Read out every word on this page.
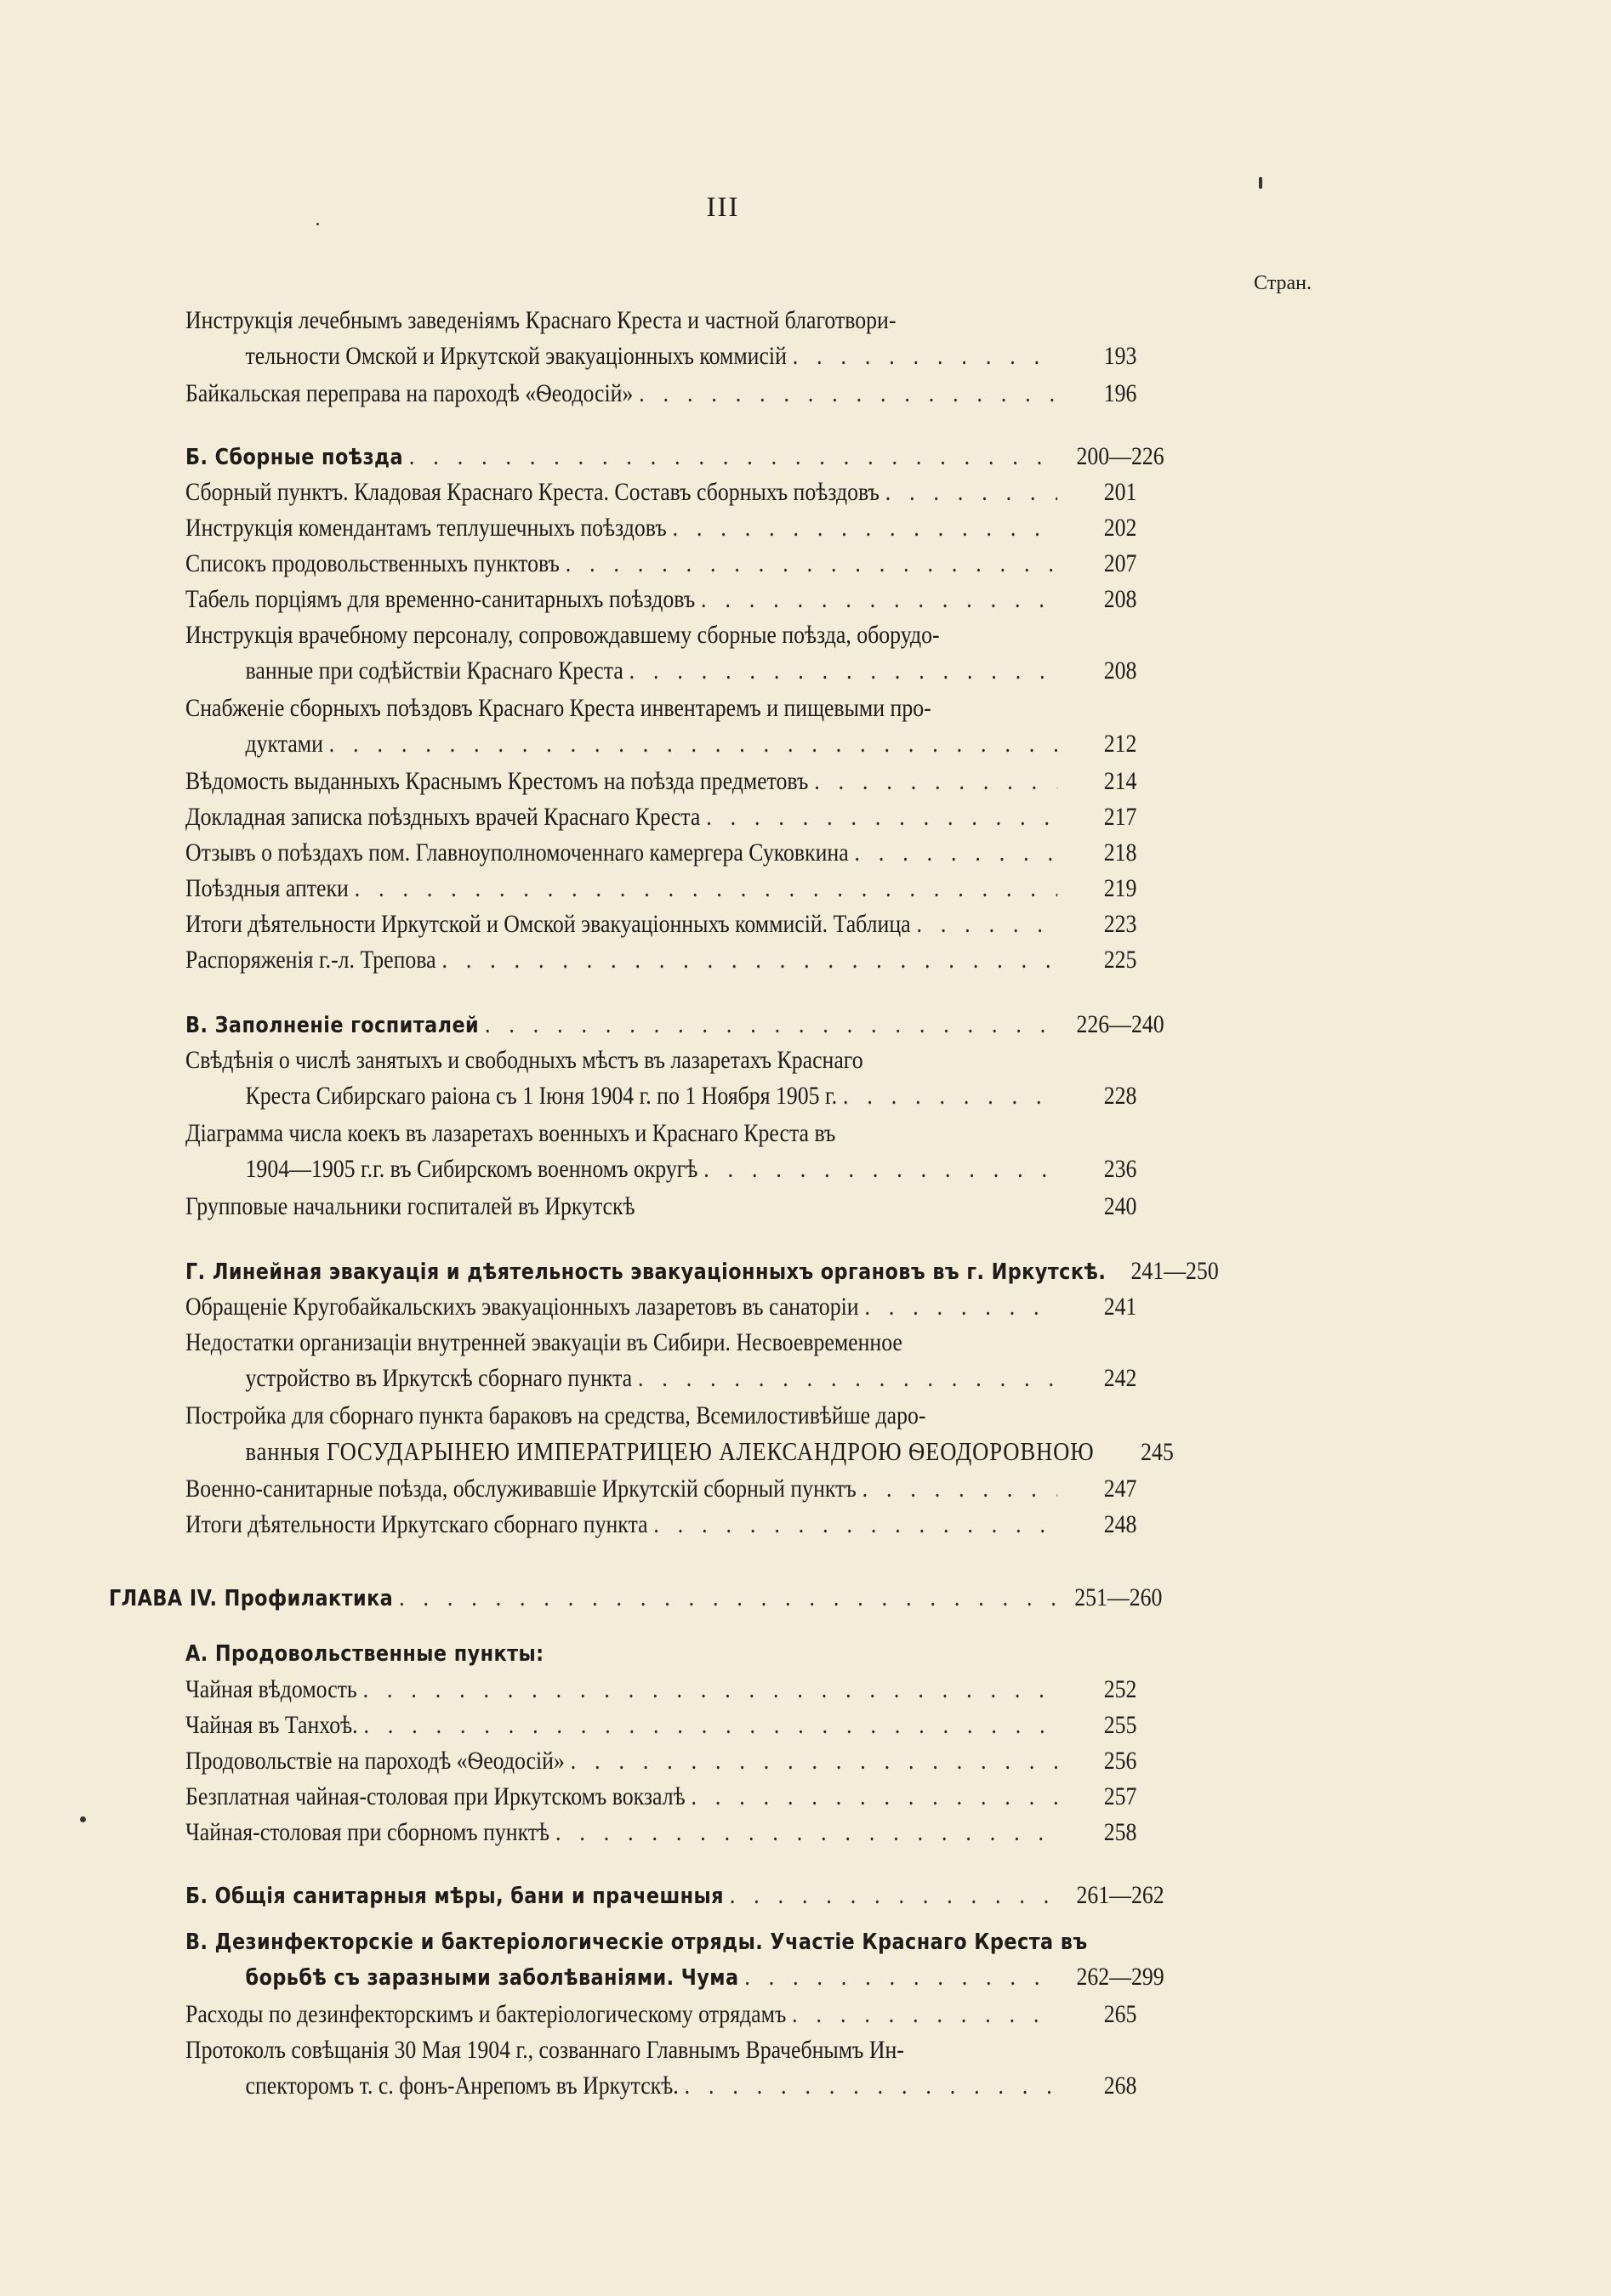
III
Стран.
Инструкція лечебнымъ заведеніямъ Краснаго Креста и частной благотвори-
тельности Омской и Иркутской эвакуаціонныхъ коммисій . . .	193
Байкальская переправа на пароходѣ «Ѳеодосій» . . .	196
Б. Сборные поѣзда . . .	200—226
Сборный пунктъ. Кладовая Краснаго Креста. Составъ сборныхъ поѣздовъ . . .	201
Инструкція комендантамъ теплушечныхъ поѣздовъ . . .	202
Списокъ продовольственныхъ пунктовъ . . .	207
Табель порціямъ для временно-санитарныхъ поѣздовъ . . .	208
Инструкція врачебному персоналу, сопровождавшему сборные поѣзда, оборудо-
ванные при содѣйствіи Краснаго Креста . . .	208
Снабженіе сборныхъ поѣздовъ Краснаго Креста инвентаремъ и пищевыми про-
дуктами . . .	212
Вѣдомость выданныхъ Краснымъ Крестомъ на поѣзда предметовъ . . .	214
Докладная записка поѣздныхъ врачей Краснаго Креста . . .	217
Отзывъ о поѣздахъ пом. Главноуполномоченнаго камергера Суковкина . . .	218
Поѣздныя аптеки . . .	219
Итоги дѣятельности Иркутской и Омской эвакуаціонныхъ коммисій. Таблица . . .	223
Распоряженія г.-л. Трепова . . .	225
В. Заполненіе госпиталей . . .	226—240
Свѣдѣнія о числѣ занятыхъ и свободныхъ мѣстъ въ лазаретахъ Краснаго
Креста Сибирскаго раіона съ 1 Іюня 1904 г. по 1 Ноября 1905 г. . . .	228
Діаграмма числа коекъ въ лазаретахъ военныхъ и Краснаго Креста въ
1904—1905 г.г. въ Сибирскомъ военномъ округѣ . . .	236
Групповые начальники госпиталей въ Иркутскѣ	240
Г. Линейная эвакуація и дѣятельность эвакуаціонныхъ органовъ въ г. Иркутскѣ. . . . 241—250
Обращеніе Кругобайкальскихъ эвакуаціонныхъ лазаретовъ въ санаторіи . . .	241
Недостатки организаціи внутренней эвакуаціи въ Сибири. Несвоевременное
устройство въ Иркутскѣ сборнаго пункта . . .	242
Постройка для сборнаго пункта бараковъ на средства, Всемилостивѣйше даро-
ванныя ГОСУДАРЫНЕЮ ИМПЕРАТРИЦЕЮ АЛЕКСАНДРОЮ ѲЕОДОРОВНОЮ	245
Военно-санитарные поѣзда, обслуживавшіе Иркутскій сборный пунктъ . . .	247
Итоги дѣятельности Иркутскаго сборнаго пункта . . .	248
ГЛАВА IV. Профилактика . . .	251—260
А. Продовольственные пункты:
Чайная вѣдомость . . .	252
Чайная въ Танхоѣ. . . .	255
Продовольствіе на пароходѣ «Ѳеодосій» . . .	256
Безплатная чайная-столовая при Иркутскомъ вокзалѣ . . .	257
Чайная-столовая при сборномъ пунктѣ . . .	258
Б. Общія санитарныя мѣры, бани и прачешныя . . .	261—262
В. Дезинфекторскіе и бактеріологическіе отряды. Участіе Краснаго Креста въ
борьбѣ съ заразными заболѣваніями. Чума . . .	262—299
Расходы по дезинфекторскимъ и бактеріологическому отрядамъ . . .	265
Протоколъ совѣщанія 30 Мая 1904 г., созваннаго Главнымъ Врачебнымъ Ин-
спекторомъ т. с. фонъ-Анрепомъ въ Иркутскѣ. . . .	268
